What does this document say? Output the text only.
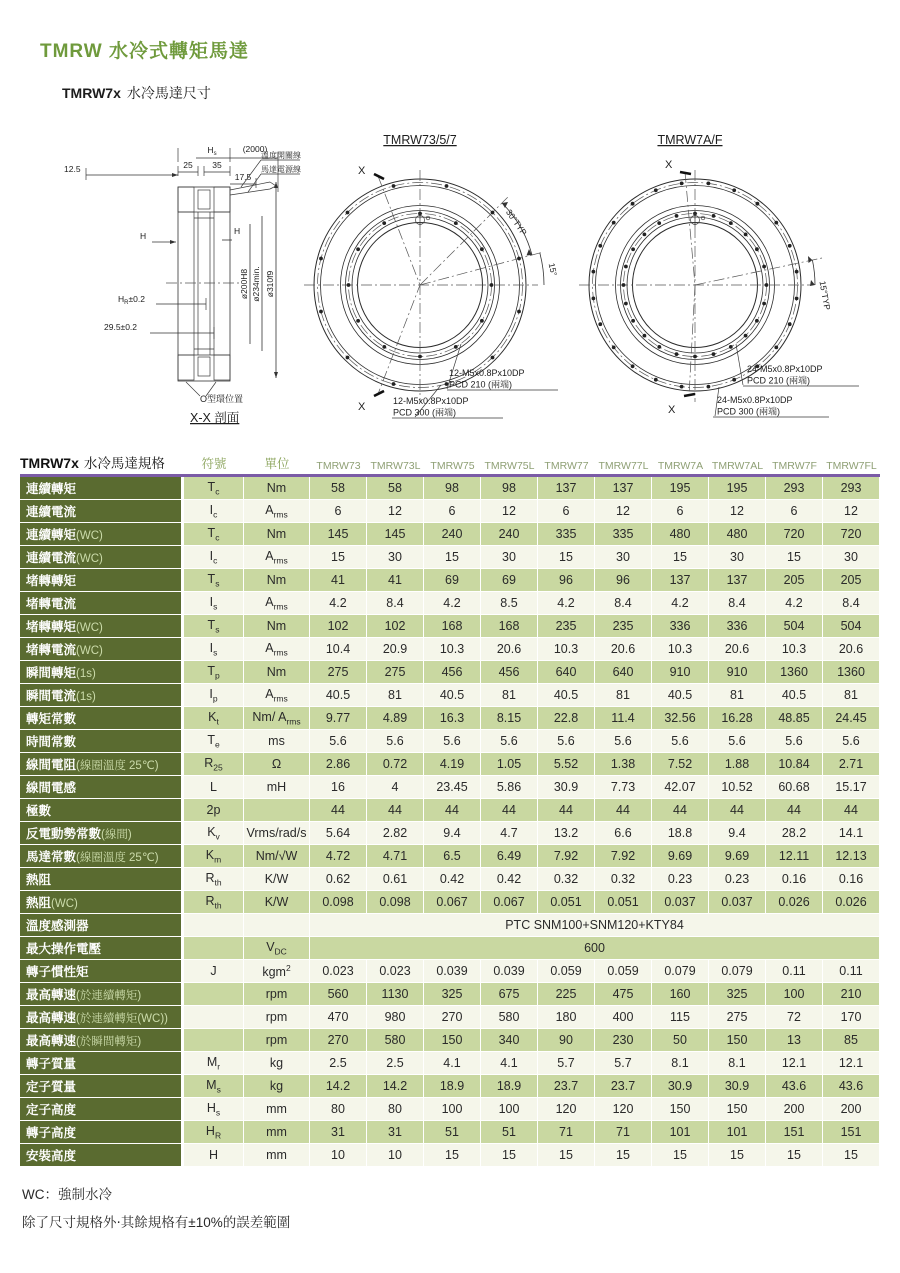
TMRW 水冷式轉矩馬達
TMRW7x 水冷馬達尺寸
$H_s$	(2000)
25 35
17.5
12.5
溫度開關線
馬達電源線
H	H
$H_R\pm 0.2$
29.5±0.2
ø200H8 ø234min. ø310f9
O型環位置
X-X 剖面
TMRW73/5/7
X
X
30°TYP
15°
12-M5x0.8Px10DP
PCD 210 (兩端)
12-M5x0.8Px10DP
PCD 300 (兩端)
TMRW7A/F
X
X
15°TYP
24-M5x0.8Px10DP
PCD 210 (兩端)
24-M5x0.8Px10DP
PCD 300 (兩端)
TMRW7x 水冷馬達規格	符號	單位	TMRW73	TMRW73L	TMRW75	TMRW75L	TMRW77	TMRW77L	TMRW7A	TMRW7AL	TMRW7F	TMRW7FL
連續轉矩	$T_c$	Nm	58	58	98	98	137	137	195	195	293	293
連續電流	$I_c$	$A_{rms}$	6	12	6	12	6	12	6	12	6	12
連續轉矩(WC)	$T_c$	Nm	145	145	240	240	335	335	480	480	720	720
連續電流(WC)	$I_c$	$A_{rms}$	15	30	15	30	15	30	15	30	15	30
堵轉轉矩	$T_s$	Nm	41	41	69	69	96	96	137	137	205	205
堵轉電流	$I_s$	$A_{rms}$	4.2	8.4	4.2	8.5	4.2	8.4	4.2	8.4	4.2	8.4
堵轉轉矩(WC)	$T_s$	Nm	102	102	168	168	235	235	336	336	504	504
堵轉電流(WC)	$I_s$	$A_{rms}$	10.4	20.9	10.3	20.6	10.3	20.6	10.3	20.6	10.3	20.6
瞬間轉矩(1s)	$T_p$	Nm	275	275	456	456	640	640	910	910	1360	1360
瞬間電流(1s)	$I_p$	$A_{rms}$	40.5	81	40.5	81	40.5	81	40.5	81	40.5	81
轉矩常數	$K_t$	Nm/ $A_{rms}$	9.77	4.89	16.3	8.15	22.8	11.4	32.56	16.28	48.85	24.45
時間常數	$T_e$	ms	5.6	5.6	5.6	5.6	5.6	5.6	5.6	5.6	5.6	5.6
線間電阻(線圈溫度 25℃)	$R_{25}$	Ω	2.86	0.72	4.19	1.05	5.52	1.38	7.52	1.88	10.84	2.71
線間電感	L	mH	16	4	23.45	5.86	30.9	7.73	42.07	10.52	60.68	15.17
極數	2p		44	44	44	44	44	44	44	44	44	44
反電動勢常數(線間)	$K_v$	Vrms/rad/s	5.64	2.82	9.4	4.7	13.2	6.6	18.8	9.4	28.2	14.1
馬達常數(線圈溫度 25℃)	$K_m$	Nm/√W	4.72	4.71	6.5	6.49	7.92	7.92	9.69	9.69	12.11	12.13
熱阻	$R_{th}$	K/W	0.62	0.61	0.42	0.42	0.32	0.32	0.23	0.23	0.16	0.16
熱阻(WC)	$R_{th}$	K/W	0.098	0.098	0.067	0.067	0.051	0.051	0.037	0.037	0.026	0.026
溫度感測器			PTC SNM100+SNM120+KTY84									
最大操作電壓		$V_{DC}$	600									
轉子慣性矩	J	kgm$^2$	0.023	0.023	0.039	0.039	0.059	0.059	0.079	0.079	0.11	0.11
最高轉速(於連續轉矩)		rpm	560	1130	325	675	225	475	160	325	100	210
最高轉速(於連續轉矩(WC))		rpm	470	980	270	580	180	400	115	275	72	170
最高轉速(於瞬間轉矩)		rpm	270	580	150	340	90	230	50	150	13	85
轉子質量	$M_r$	kg	2.5	2.5	4.1	4.1	5.7	5.7	8.1	8.1	12.1	12.1
定子質量	$M_s$	kg	14.2	14.2	18.9	18.9	23.7	23.7	30.9	30.9	43.6	43.6
定子高度	$H_s$	mm	80	80	100	100	120	120	150	150	200	200
轉子高度	$H_R$	mm	31	31	51	51	71	71	101	101	151	151
安裝高度	H	mm	10	10	15	15	15	15	15	15	15	15
WC：強制水冷
除了尺寸規格外‧其餘規格有±10%的誤差範圍
